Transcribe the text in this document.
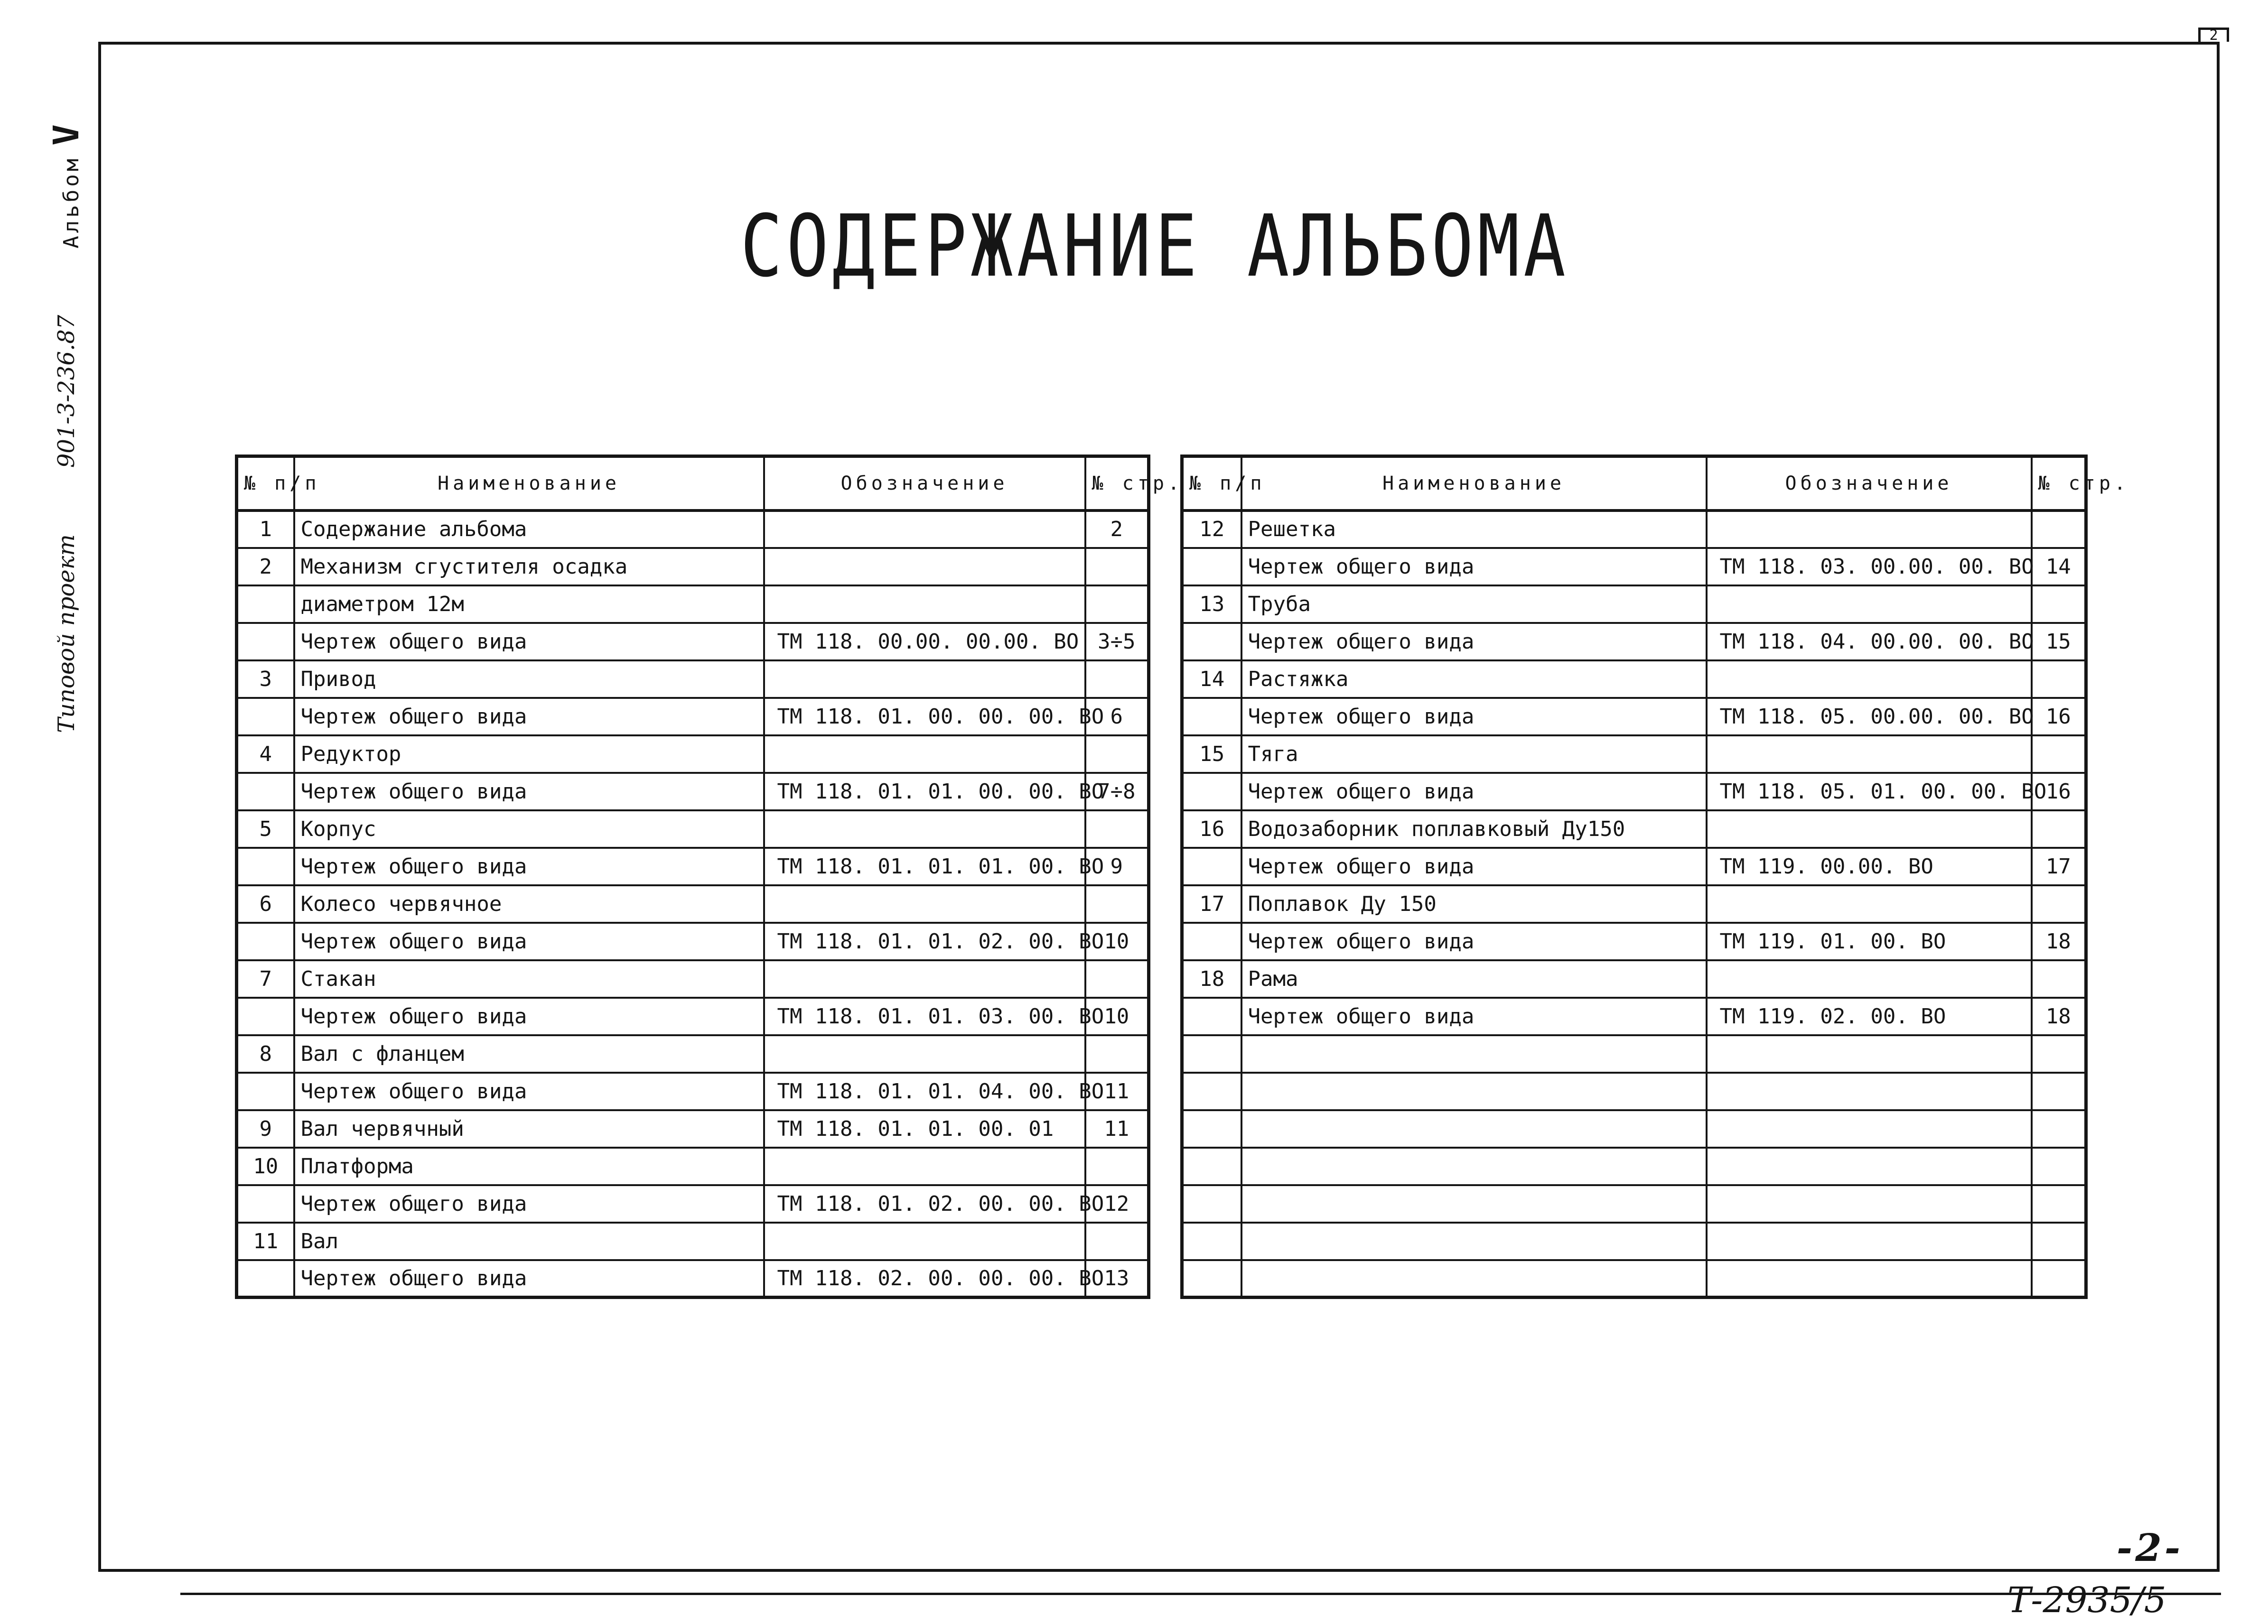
2
Типовой проект
901-3-236.87
АльбомV
СОДЕРЖАНИЕ АЛЬБОМА
№ п/п	Наименование	Обозначение	№ стр.
1	Содержание альбома		2
2	Механизм сгустителя осадка		
	диаметром 12м		
	Чертеж общего вида	ТМ 118. 00.00. 00.00. ВО	3÷5
3	Привод		
	Чертеж общего вида	ТМ 118. 01. 00. 00. 00. ВО	6
4	Редуктор		
	Чертеж общего вида	ТМ 118. 01. 01. 00. 00. ВО	7÷8
5	Корпус		
	Чертеж общего вида	ТМ 118. 01. 01. 01. 00. ВО	9
6	Колесо червячное		
	Чертеж общего вида	ТМ 118. 01. 01. 02. 00. ВО	10
7	Стакан		
	Чертеж общего вида	ТМ 118. 01. 01. 03. 00. ВО	10
8	Вал с фланцем		
	Чертеж общего вида	ТМ 118. 01. 01. 04. 00. ВО	11
9	Вал червячный	ТМ 118. 01. 01. 00. 01	11
10	Платформа		
	Чертеж общего вида	ТМ 118. 01. 02. 00. 00. ВО	12
11	Вал		
	Чертеж общего вида	ТМ 118. 02. 00. 00. 00. ВО	13
№ п/п	Наименование	Обозначение	№ стр.
12	Решетка		
	Чертеж общего вида	ТМ 118. 03. 00.00. 00. ВО	14
13	Труба		
	Чертеж общего вида	ТМ 118. 04. 00.00. 00. ВО	15
14	Растяжка		
	Чертеж общего вида	ТМ 118. 05. 00.00. 00. ВО	16
15	Тяга		
	Чертеж общего вида	ТМ 118. 05. 01. 00. 00. ВО	16
16	Водозаборник поплавковый Ду150		
	Чертеж общего вида	ТМ 119. 00.00. ВО	17
17	Поплавок Ду 150		
	Чертеж общего вида	ТМ 119. 01. 00. ВО	18
18	Рама		
	Чертеж общего вида	ТМ 119. 02. 00. ВО	18

-2-
Т-2935/5
